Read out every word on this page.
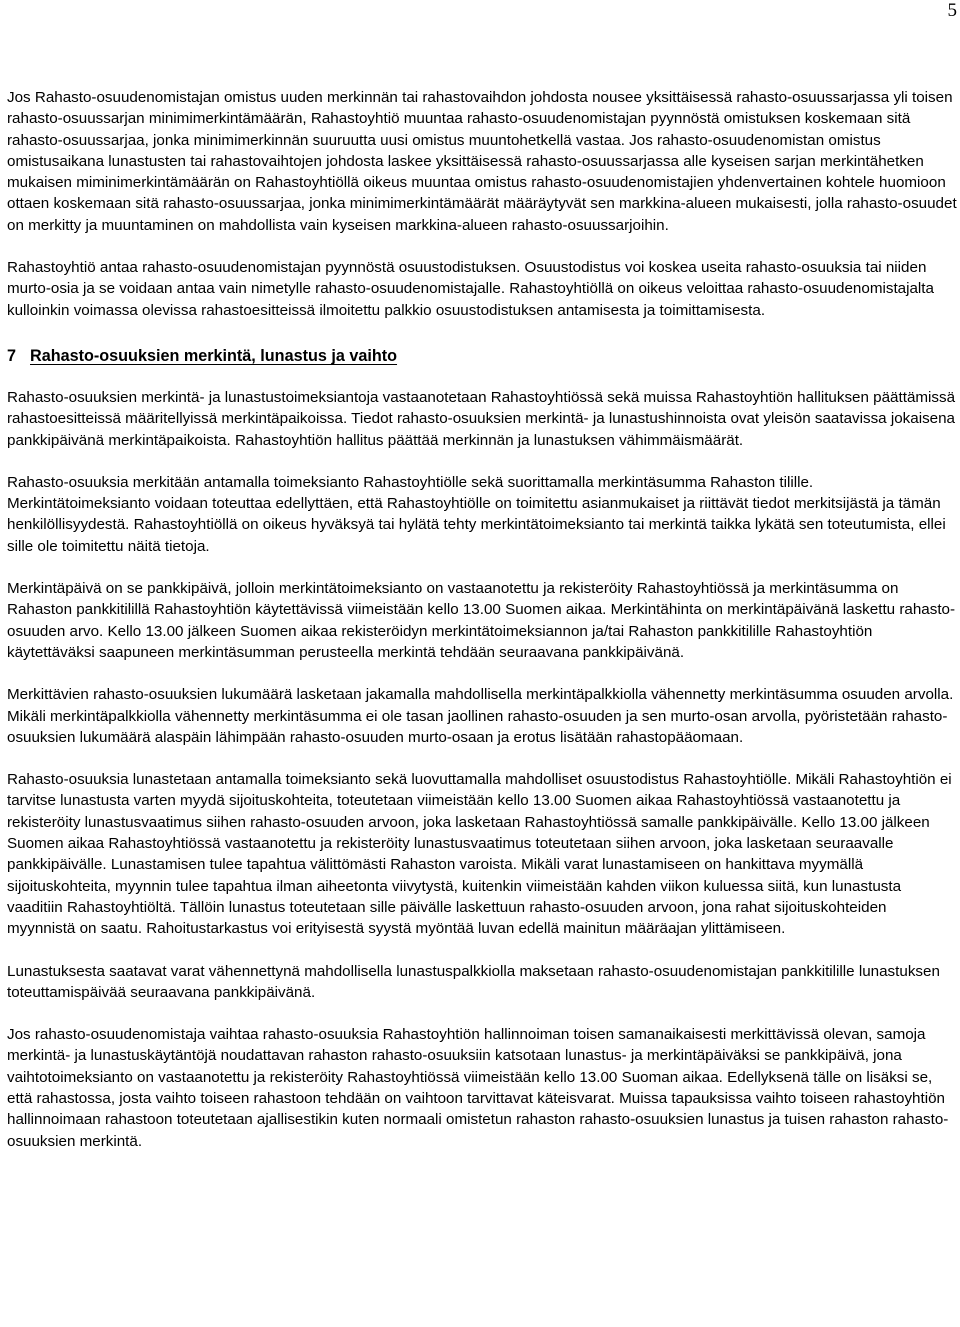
5

Jos Rahasto-osuudenomistajan omistus uuden merkinnän tai rahastovaihdon johdosta nousee yksittäisessä rahasto-osuussarjassa yli toisen rahasto-osuussarjan minimimerkintämäärän, Rahastoyhtiö muuntaa rahasto-osuudenomistajan pyynnöstä omistuksen koskemaan sitä rahasto-osuussarjaa, jonka minimimerkinnän suuruutta uusi omistus muuntohetkellä vastaa. Jos rahasto-osuudenomistan omistus omistusaikana lunastusten tai rahastovaihtojen johdosta laskee yksittäisessä rahasto-osuussarjassa alle kyseisen sarjan merkintähetken mukaisen miminimerkintämäärän on Rahastoyhtiöllä oikeus muuntaa omistus rahasto-osuudenomistajien yhdenvertainen kohtele huomioon ottaen koskemaan sitä rahasto-osuussarjaa, jonka minimimerkintämäärät määräytyvät sen markkina-alueen mukaisesti, jolla rahasto-osuudet on merkitty ja muuntaminen on mahdollista vain kyseisen markkina-alueen rahasto-osuussarjoihin.

Rahastoyhtiö antaa rahasto-osuudenomistajan pyynnöstä osuustodistuksen. Osuustodistus voi koskea useita rahasto-osuuksia tai niiden murto-osia ja se voidaan antaa vain nimetylle rahasto-osuudenomistajalle. Rahastoyhtiöllä on oikeus veloittaa rahasto-osuudenomistajalta kulloinkin voimassa olevissa rahastoesitteissä ilmoitettu palkkio osuustodistuksen antamisesta ja toimittamisesta.

7 Rahasto-osuuksien merkintä, lunastus ja vaihto

Rahasto-osuuksien merkintä- ja lunastustoimeksiantoja vastaanotetaan Rahastoyhtiössä sekä muissa Rahastoyhtiön hallituksen päättämissä rahastoesitteissä määritellyissä merkintäpaikoissa. Tiedot rahasto-osuuksien merkintä- ja lunastushinnoista ovat yleisön saatavissa jokaisena pankkipäivänä merkintäpaikoista. Rahastoyhtiön hallitus päättää merkinnän ja lunastuksen vähimmäismäärät.

Rahasto-osuuksia merkitään antamalla toimeksianto Rahastoyhtiölle sekä suorittamalla merkintäsumma Rahaston tilille. Merkintätoimeksianto voidaan toteuttaa edellyttäen, että Rahastoyhtiölle on toimitettu asianmukaiset ja riittävät tiedot merkitsijästä ja tämän henkilöllisyydestä. Rahastoyhtiöllä on oikeus hyväksyä tai hylätä tehty merkintätoimeksianto tai merkintä taikka lykätä sen toteutumista, ellei sille ole toimitettu näitä tietoja.

Merkintäpäivä on se pankkipäivä, jolloin merkintätoimeksianto on vastaanotettu ja rekisteröity Rahastoyhtiössä ja merkintäsumma on Rahaston pankkitilillä Rahastoyhtiön käytettävissä viimeistään kello 13.00 Suomen aikaa. Merkintähinta on merkintäpäivänä laskettu rahasto-osuuden arvo. Kello 13.00 jälkeen Suomen aikaa rekisteröidyn merkintätoimeksiannon ja/tai Rahaston pankkitilille Rahastoyhtiön käytettäväksi saapuneen merkintäsumman perusteella merkintä tehdään seuraavana pankkipäivänä.

Merkittävien rahasto-osuuksien lukumäärä lasketaan jakamalla mahdollisella merkintäpalkkiolla vähennetty merkintäsumma osuuden arvolla. Mikäli merkintäpalkkiolla vähennetty merkintäsumma ei ole tasan jaollinen rahasto-osuuden ja sen murto-osan arvolla, pyöristetään rahasto-osuuksien lukumäärä alaspäin lähimpään rahasto-osuuden murto-osaan ja erotus lisätään rahastopääomaan.

Rahasto-osuuksia lunastetaan antamalla toimeksianto sekä luovuttamalla mahdolliset osuustodistus Rahastoyhtiölle. Mikäli Rahastoyhtiön ei tarvitse lunastusta varten myydä sijoituskohteita, toteutetaan viimeistään kello 13.00 Suomen aikaa Rahastoyhtiössä vastaanotettu ja rekisteröity lunastusvaatimus siihen rahasto-osuuden arvoon, joka lasketaan Rahastoyhtiössä samalle pankkipäivälle. Kello 13.00 jälkeen Suomen aikaa Rahastoyhtiössä vastaanotettu ja rekisteröity lunastusvaatimus toteutetaan siihen arvoon, joka lasketaan seuraavalle pankkipäivälle. Lunastamisen tulee tapahtua välittömästi Rahaston varoista. Mikäli varat lunastamiseen on hankittava myymällä sijoituskohteita, myynnin tulee tapahtua ilman aiheetonta viivytystä, kuitenkin viimeistään kahden viikon kuluessa siitä, kun lunastusta vaaditiin Rahastoyhtiöltä. Tällöin lunastus toteutetaan sille päivälle laskettuun rahasto-osuuden arvoon, jona rahat sijoituskohteiden myynnistä on saatu. Rahoitustarkastus voi erityisestä syystä myöntää luvan edellä mainitun määräajan ylittämiseen.

Lunastuksesta saatavat varat vähennettynä mahdollisella lunastuspalkkiolla maksetaan rahasto-osuudenomistajan pankkitilille lunastuksen toteuttamispäivää seuraavana pankkipäivänä.

Jos rahasto-osuudenomistaja vaihtaa rahasto-osuuksia Rahastoyhtiön hallinnoiman toisen samanaikaisesti merkittävissä olevan, samoja merkintä- ja lunastuskäytäntöjä noudattavan rahaston rahasto-osuuksiin katsotaan lunastus- ja merkintäpäiväksi se pankkipäivä, jona vaihtotoimeksianto on vastaanotettu ja rekisteröity Rahastoyhtiössä viimeistään kello 13.00 Suoman aikaa. Edellyksenä tälle on lisäksi se, että rahastossa, josta vaihto toiseen rahastoon tehdään on vaihtoon tarvittavat käteisvarat. Muissa tapauksissa vaihto toiseen rahastoyhtiön hallinnoimaan rahastoon toteutetaan ajallisestikin kuten normaali omistetun rahaston rahasto-osuuksien lunastus ja tuisen rahaston rahasto-osuuksien merkintä.
